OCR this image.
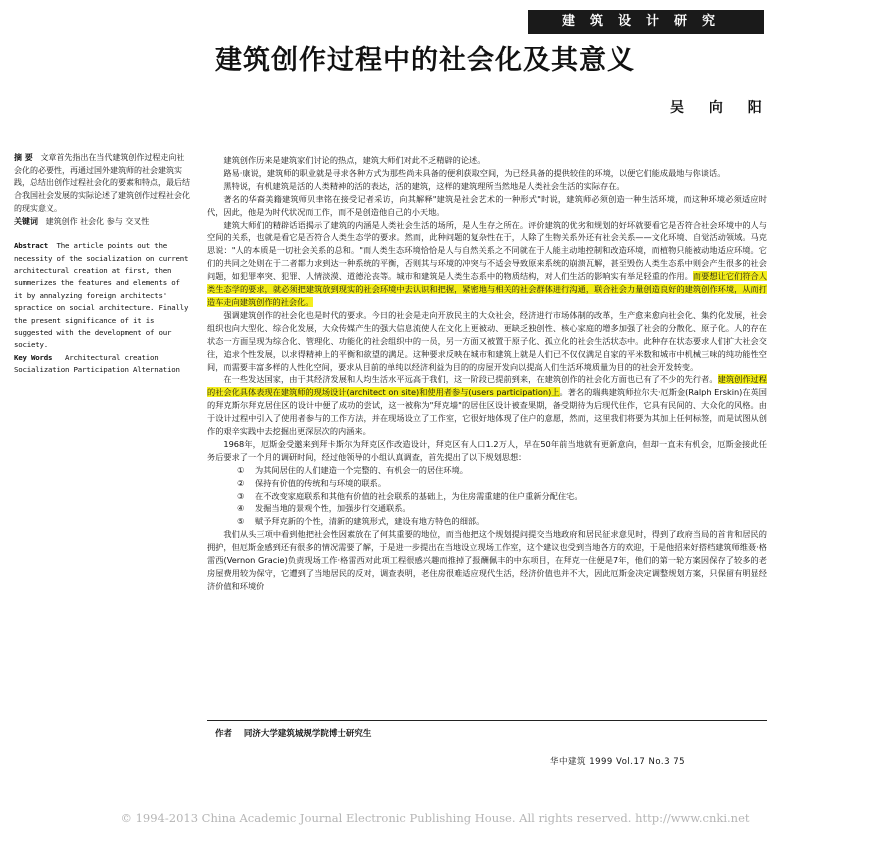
建筑设计研究
建筑创作过程中的社会化及其意义
吴 向 阳

摘 要 文章首先指出在当代建筑创作过程走向社会化的必要性，再通过国外建筑师的社会建筑实践，总结出创作过程社会化的要素和特点，最后结合我国社会发展的实际论述了建筑创作过程社会化的现实意义。

关键词 建筑创作 社会化 参与 交叉性

Abstract The article points out the necessity of the socialization on current architectural creation at first, then summerizes the features and elements of it by annalyzing foreign architects' spractice on social architecture. Finally the present significance of it is suggested with the development of our society.

Key Words Architectural creation Socialization Participation Alternation

建筑创作历来是建筑家们讨论的热点，建筑大师们对此不乏精辟的论述。

路易·康说，建筑师的职业就是寻求各种方式为那些尚未具备的便利获取空间，为已经具备的提供较佳的环境，以便它们能成最地与你谈话。

黑特说，有机建筑是活的人类精神的活的表达，活的建筑，这样的建筑理所当然地是人类社会生活的实际存在。

著名的华裔美籍建筑师贝聿铭在接受记者采访，向其解释"建筑是社会艺术的一种形式"时说，建筑师必须创造一种生活环境，而这种环境必须适应时代，因此，他是为时代状况而工作，而不是创造他自己的小天地。

建筑大师们的精辟话语揭示了建筑的内涵是人类社会生活的场所，是人生存之所在。评价建筑的优劣和规划的好坏就要看它是否符合社会环境中的人与空间的关系，也就是看它是否符合人类生态学的要求。然而，此种问题的复杂性在于，人除了生物关系外还有社会关系——文化环境、自觉活动领域。马克思说："人的本质是一切社会关系的总和。"而人类生态环境恰恰是人与自然关系之不同就在于人能主动地控制和改造环境，而植物只能被动地适应环境。它们的共同之处则在于二者都力求到达一种系统的平衡，否则其与环境的冲突与不适会导致原来系统的崩溃瓦解，甚至毁伤人类生态系中则会产生很多的社会问题，如犯罪率突、犯罪、人情淡漠、道德沦丧等。城市和建筑是人类生态系中的物质结构，对人们生活的影响实有举足轻重的作用。而要想让它们符合人类生态学的要求，就必须把建筑放到现实的社会环境中去认识和把握，紧密地与相关的社会群体进行沟通，联合社会力量创造良好的建筑创作环境，从而打造车走向建筑创作的社会化。

强调建筑创作的社会化也是时代的要求。今日的社会是走向开放民主的大众社会，经济进行市场体制的改革，生产愈来愈向社会化、集约化发展，社会组织也向大型化、综合化发展，大众传媒产生的强大信息流使人在文化上更被动、更缺乏独创性、核心家庭的增多加强了社会的分散化、原子化。人的存在状态一方面呈现为综合化、管理化、功能化的社会组织中的一员，另一方面又被置于原子化、孤立化的社会生活状态中。此种存在状态要求人们扩大社会交往，追求个性发展，以求得精神上的平衡和欲望的满足。这种要求反映在城市和建筑上就是人们已不仅仅满足自家的平米数和城市中机械三味的纯功能性空间，而需要丰富多样的人性化空间，要求从目前的单纯以经济利益为目的的房屋开发向以提高人们生活环境质量为目的的社会开发转变。

在一些发达国家，由于其经济发展和人均生活水平远高于我们，这一阶段已提前到来，在建筑创作的社会化方面也已有了不少的先行者。建筑创作过程的社会化具体表现在建筑师的现场设计(architect on site)和使用者参与(users participation)上。著名的瑞典建筑师拉尔夫·厄斯金(Ralph Erskin)在英国的拜克斯尔拜克居住区的设计中便了成功的尝试，这一被称为"拜克墙"的居住区设计被查果期，备受期待为后现代住作，它具有民间的、大众化的风格。由于设计过程中引入了使用者参与的工作方法，并在现场设立了工作室，它很好地体现了住户的意愿，然而，这里我们将要为其加上任何标签，而是试图从创作的艰辛实践中去挖掘出更深层次的内涵来。

1968年，厄斯金受邀来到拜卡斯尔为拜克区作改造设计，拜克区有人口1.2万人，早在50年前当地就有更新意向，但却一直未有机会，厄斯金接此任务后要求了一个月的调研时间，经过他领导的小组认真调查，首先提出了以下规划思想：

① 为其间居住的人们建造一个完整的、有机会一的居住环境。
② 保持有价值的传统和与环境的联系。
③ 在不改变家庭联系和其他有价值的社会联系的基础上，为住房需重建的住户重新分配住宅。
④ 发掘当地的景观个性，加强步行交通联系。
⑤ 赋予拜克新的个性，清新的建筑形式，建设有地方特色的细部。

我们从头三项中看到他把社会性因素放在了何其重要的地位，而当他把这个规划提问提交当地政府和居民征求意见时，得到了政府当局的首肯和居民的拥护，但厄斯金感到还有很多的情况需要了解，于是进一步提出在当地设立现场工作室，这个建议也受到当地各方的欢迎，于是他招来好搭档建筑师维聂·格雷西(Vernon Gracie)负责现场工作·格雷西对此项工程很感兴趣而推掉了报酬佩丰的中东项目，在拜克一住便是7年，他们的第一轮方案因保存了较多的老房屋费用较为保守，它遭到了当地居民的反对，调查表明，老住房很难适应现代生活，经济价值也并不大，因此厄斯金决定调整规划方案，只保留有明显经济价值和环境价

作者 同济大学建筑城规学院博士研究生
华中建筑 1999 Vol.17 No.3 75
© 1994-2013 China Academic Journal Electronic Publishing House. All rights reserved. http://www.cnki.net
